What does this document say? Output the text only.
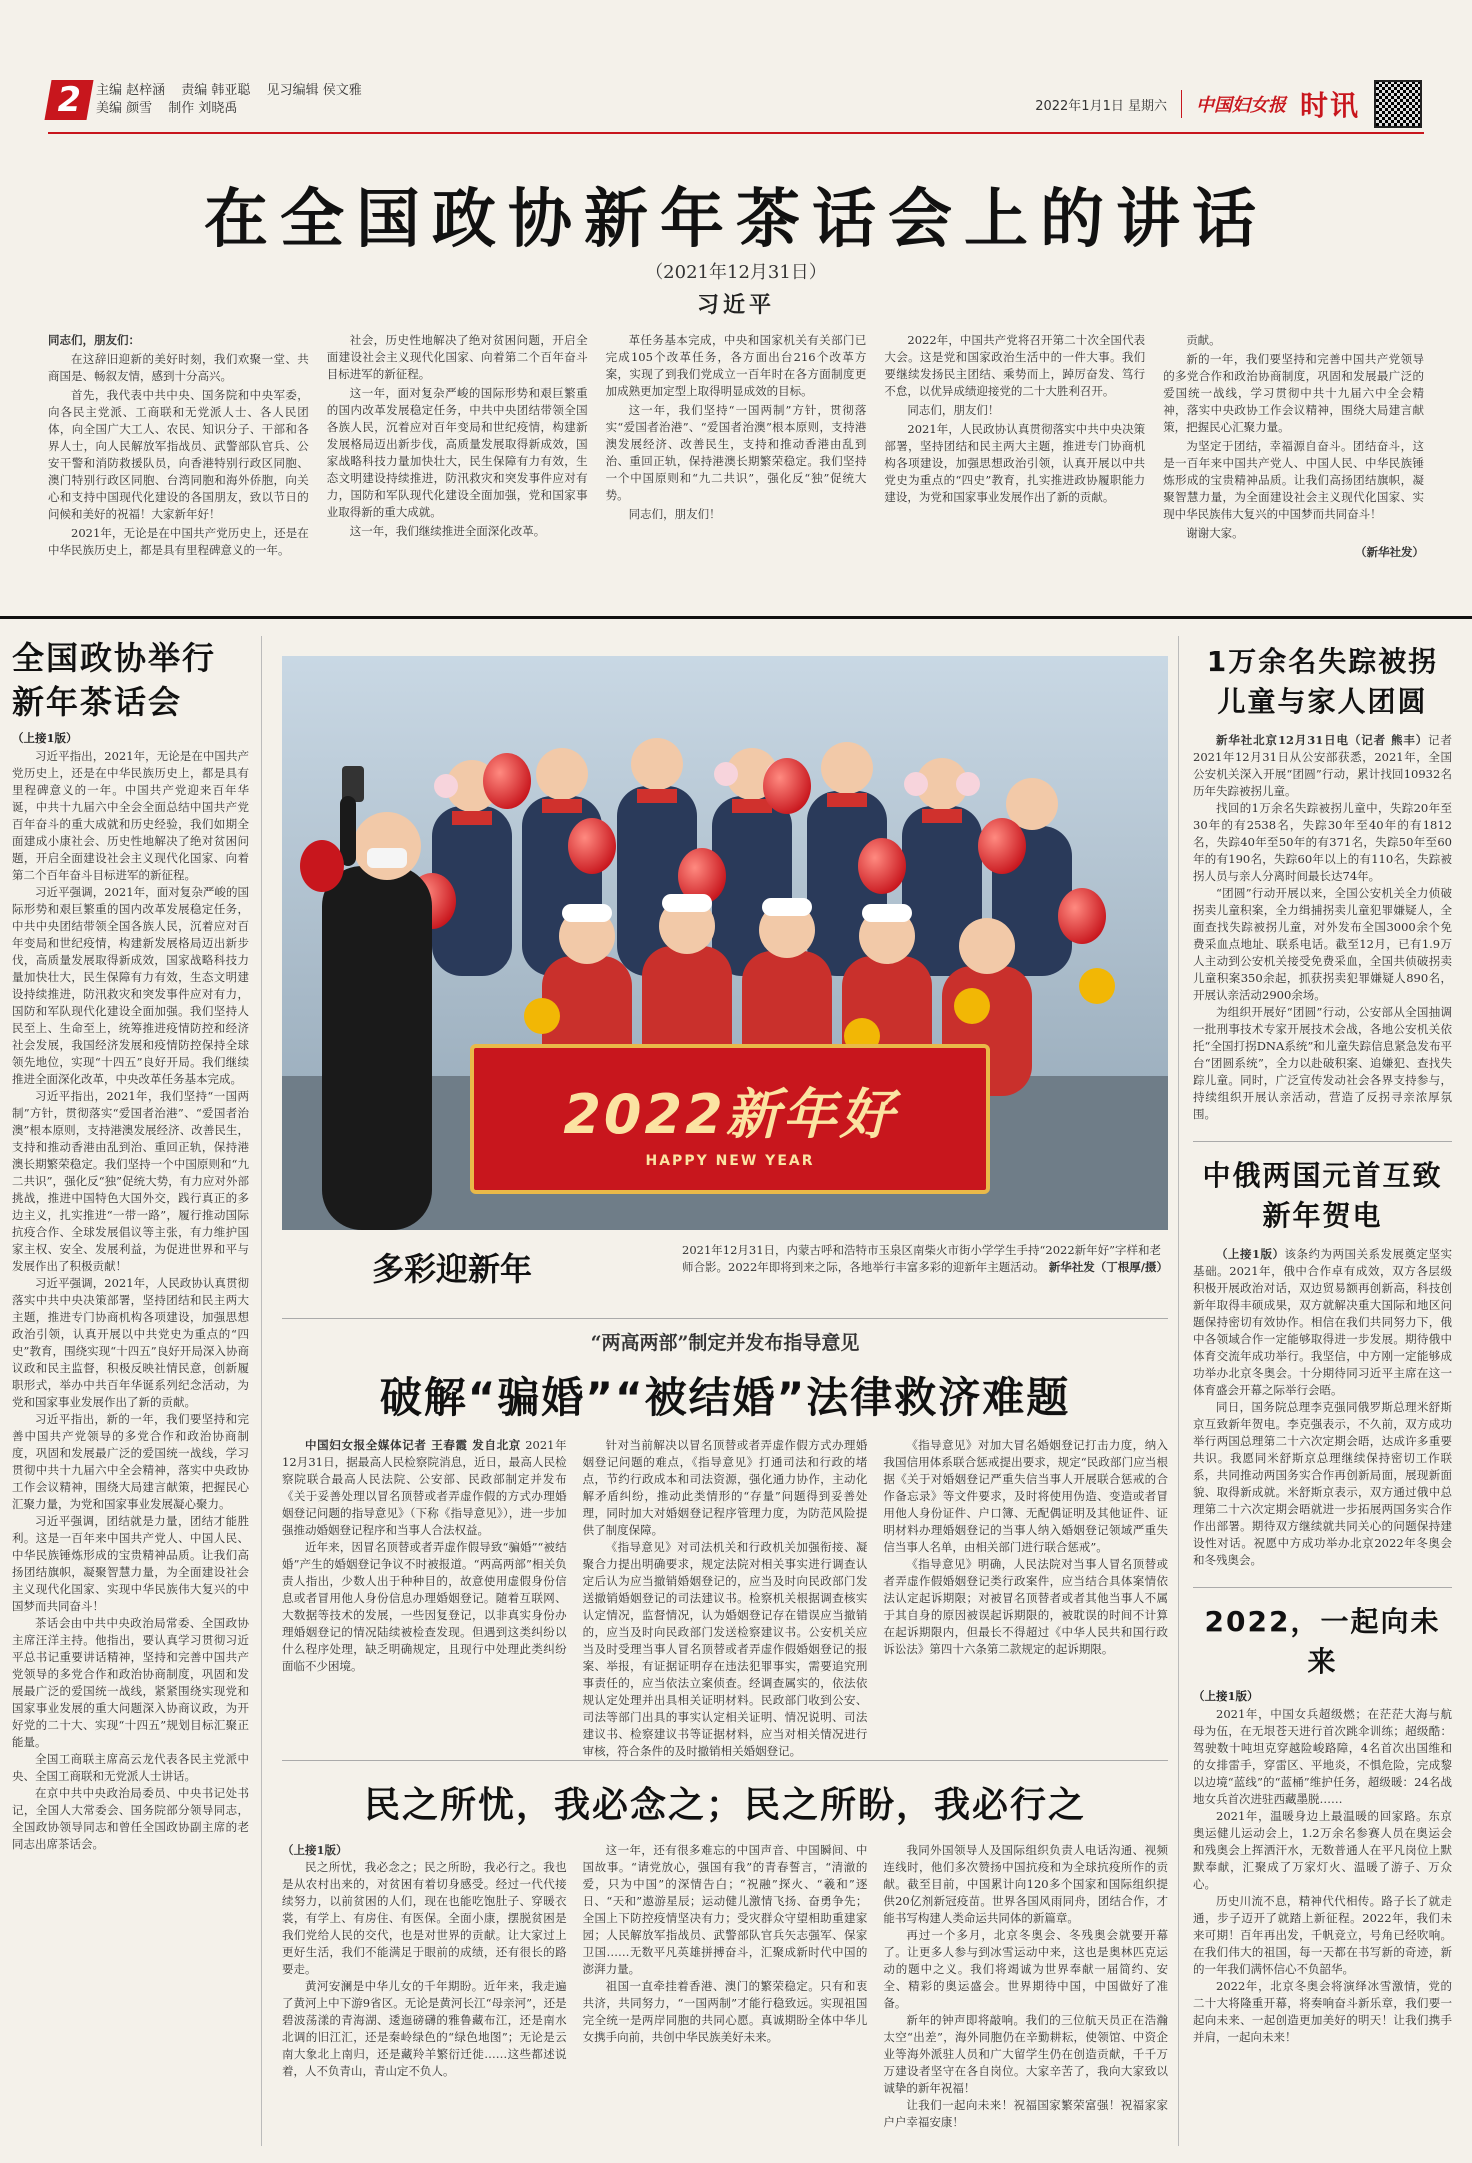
2 主编 赵梓涵 责编 韩亚聪 见习编辑 侯文雅
美编 颜雪 制作 刘晓禹	2022年1月1日 星期六 中国妇女报 时讯
在全国政协新年茶话会上的讲话
（2021年12月31日）
习近平

同志们，朋友们：

在这辞旧迎新的美好时刻，我们欢聚一堂、共商国是、畅叙友情，感到十分高兴。

首先，我代表中共中央、国务院和中央军委，向各民主党派、工商联和无党派人士、各人民团体，向全国广大工人、农民、知识分子、干部和各界人士，向人民解放军指战员、武警部队官兵、公安干警和消防救援队员，向香港特别行政区同胞、澳门特别行政区同胞、台湾同胞和海外侨胞，向关心和支持中国现代化建设的各国朋友，致以节日的问候和美好的祝福！大家新年好！

2021年，无论是在中国共产党历史上，还是在中华民族历史上，都是具有里程碑意义的一年。

社会，历史性地解决了绝对贫困问题，开启全面建设社会主义现代化国家、向着第二个百年奋斗目标进军的新征程。

这一年，面对复杂严峻的国际形势和艰巨繁重的国内改革发展稳定任务，中共中央团结带领全国各族人民，沉着应对百年变局和世纪疫情，构建新发展格局迈出新步伐，高质量发展取得新成效，国家战略科技力量加快壮大，民生保障有力有效，生态文明建设持续推进，防汛救灾和突发事件应对有力，国防和军队现代化建设全面加强，党和国家事业取得新的重大成就。

这一年，我们继续推进全面深化改革。

革任务基本完成，中央和国家机关有关部门已完成105个改革任务，各方面出台216个改革方案，实现了到我们党成立一百年时在各方面制度更加成熟更加定型上取得明显成效的目标。

这一年，我们坚持“一国两制”方针，贯彻落实“爱国者治港”、“爱国者治澳”根本原则，支持港澳发展经济、改善民生，支持和推动香港由乱到治、重回正轨，保持港澳长期繁荣稳定。我们坚持一个中国原则和“九二共识”，强化反“独”促统大势。

同志们，朋友们！

2022年，中国共产党将召开第二十次全国代表大会。这是党和国家政治生活中的一件大事。我们要继续发扬民主团结、乘势而上，踔厉奋发、笃行不怠，以优异成绩迎接党的二十大胜利召开。

同志们，朋友们！

2021年，人民政协认真贯彻落实中共中央决策部署，坚持团结和民主两大主题，推进专门协商机构各项建设，加强思想政治引领，认真开展以中共党史为重点的“四史”教育，扎实推进政协履职能力建设，为党和国家事业发展作出了新的贡献。

贡献。

新的一年，我们要坚持和完善中国共产党领导的多党合作和政治协商制度，巩固和发展最广泛的爱国统一战线，学习贯彻中共十九届六中全会精神，落实中央政协工作会议精神，围绕大局建言献策，把握民心汇聚力量。

为坚定于团结，幸福源自奋斗。团结奋斗，这是一百年来中国共产党人、中国人民、中华民族锤炼形成的宝贵精神品质。让我们高扬团结旗帜，凝聚智慧力量，为全面建设社会主义现代化国家、实现中华民族伟大复兴的中国梦而共同奋斗！

谢谢大家。

（新华社发）

全国政协举行新年茶话会
（上接1版）

习近平指出，2021年，无论是在中国共产党历史上，还是在中华民族历史上，都是具有里程碑意义的一年。中国共产党迎来百年华诞，中共十九届六中全会全面总结中国共产党百年奋斗的重大成就和历史经验，我们如期全面建成小康社会、历史性地解决了绝对贫困问题，开启全面建设社会主义现代化国家、向着第二个百年奋斗目标进军的新征程。

习近平强调，2021年，面对复杂严峻的国际形势和艰巨繁重的国内改革发展稳定任务，中共中央团结带领全国各族人民，沉着应对百年变局和世纪疫情，构建新发展格局迈出新步伐，高质量发展取得新成效，国家战略科技力量加快壮大，民生保障有力有效，生态文明建设持续推进，防汛救灾和突发事件应对有力，国防和军队现代化建设全面加强。我们坚持人民至上、生命至上，统筹推进疫情防控和经济社会发展，我国经济发展和疫情防控保持全球领先地位，实现“十四五”良好开局。我们继续推进全面深化改革，中央改革任务基本完成。

习近平指出，2021年，我们坚持“一国两制”方针，贯彻落实“爱国者治港”、“爱国者治澳”根本原则，支持港澳发展经济、改善民生，支持和推动香港由乱到治、重回正轨，保持港澳长期繁荣稳定。我们坚持一个中国原则和“九二共识”，强化反“独”促统大势，有力应对外部挑战，推进中国特色大国外交，践行真正的多边主义，扎实推进“一带一路”，履行推动国际抗疫合作、全球发展倡议等主张，有力维护国家主权、安全、发展利益，为促进世界和平与发展作出了积极贡献！

习近平强调，2021年，人民政协认真贯彻落实中共中央决策部署，坚持团结和民主两大主题，推进专门协商机构各项建设，加强思想政治引领，认真开展以中共党史为重点的“四史”教育，围绕实现“十四五”良好开局深入协商议政和民主监督，积极反映社情民意，创新履职形式，举办中共百年华诞系列纪念活动，为党和国家事业发展作出了新的贡献。

习近平指出，新的一年，我们要坚持和完善中国共产党领导的多党合作和政治协商制度，巩固和发展最广泛的爱国统一战线，学习贯彻中共十九届六中全会精神，落实中央政协工作会议精神，围绕大局建言献策，把握民心汇聚力量，为党和国家事业发展凝心聚力。

习近平强调，团结就是力量，团结才能胜利。这是一百年来中国共产党人、中国人民、中华民族锤炼形成的宝贵精神品质。让我们高扬团结旗帜，凝聚智慧力量，为全面建设社会主义现代化国家、实现中华民族伟大复兴的中国梦而共同奋斗！

茶话会由中共中央政治局常委、全国政协主席汪洋主持。他指出，要认真学习贯彻习近平总书记重要讲话精神，坚持和完善中国共产党领导的多党合作和政治协商制度，巩固和发展最广泛的爱国统一战线，紧紧围绕实现党和国家事业发展的重大问题深入协商议政，为开好党的二十大、实现“十四五”规划目标汇聚正能量。

全国工商联主席高云龙代表各民主党派中央、全国工商联和无党派人士讲话。

在京中共中央政治局委员、中央书记处书记，全国人大常委会、国务院部分领导同志，全国政协领导同志和曾任全国政协副主席的老同志出席茶话会。

2022新年好
HAPPY NEW YEAR
多彩迎新年	2021年12月31日，内蒙古呼和浩特市玉泉区南柴火市街小学学生手持“2022新年好”字样和老师合影。2022年即将到来之际，各地举行丰富多彩的迎新年主题活动。 新华社发（丁根厚/摄）
1万余名失踪被拐儿童与家人团圆

新华社北京12月31日电（记者 熊丰）记者2021年12月31日从公安部获悉，2021年，全国公安机关深入开展“团圆”行动，累计找回10932名历年失踪被拐儿童。

找回的1万余名失踪被拐儿童中，失踪20年至30年的有2538名，失踪30年至40年的有1812名，失踪40年至50年的有371名，失踪50年至60年的有190名，失踪60年以上的有110名，失踪被拐人员与亲人分离时间最长达74年。

“团圆”行动开展以来，全国公安机关全力侦破拐卖儿童积案，全力缉捕拐卖儿童犯罪嫌疑人，全面查找失踪被拐儿童，对外发布全国3000余个免费采血点地址、联系电话。截至12月，已有1.9万人主动到公安机关接受免费采血，全国共侦破拐卖儿童积案350余起，抓获拐卖犯罪嫌疑人890名，开展认亲活动2900余场。

为组织开展好“团圆”行动，公安部从全国抽调一批刑事技术专家开展技术会战，各地公安机关依托“全国打拐DNA系统”和儿童失踪信息紧急发布平台“团圆系统”，全力以赴破积案、追嫌犯、查找失踪儿童。同时，广泛宣传发动社会各界支持参与，持续组织开展认亲活动，营造了反拐寻亲浓厚氛围。

中俄两国元首互致新年贺电

（上接1版）该条约为两国关系发展奠定坚实基础。2021年，俄中合作卓有成效，双方各层级积极开展政治对话，双边贸易额再创新高，科技创新年取得丰硕成果，双方就解决重大国际和地区问题保持密切有效协作。相信在我们共同努力下，俄中各领域合作一定能够取得进一步发展。期待俄中体育交流年成功举行。我坚信，中方刚一定能够成功举办北京冬奥会。十分期待同习近平主席在这一体育盛会开幕之际举行会晤。

同日，国务院总理李克强同俄罗斯总理米舒斯京互致新年贺电。李克强表示，不久前，双方成功举行两国总理第二十六次定期会晤，达成许多重要共识。我愿同米舒斯京总理继续保持密切工作联系，共同推动两国务实合作再创新局面，展现新面貌、取得新成就。米舒斯京表示，双方通过俄中总理第二十六次定期会晤就进一步拓展两国务实合作作出部署。期待双方继续就共同关心的问题保持建设性对话。祝愿中方成功举办北京2022年冬奥会和冬残奥会。

2022，一起向未来
（上接1版）

2021年，中国女兵超级燃；在茫茫大海与航母为伍，在无垠苍天进行首次跳伞训练；超级酷：驾驶数十吨坦克穿越险峻路障，4名首次出国维和的女排雷手，穿雷区、平地炎，不惧危险，完成黎以边境“蓝线”的“蓝桶”维护任务，超级暖：24名战地女兵首次进驻西藏墨脱……

2021年，温暖身边上最温暖的回家路。东京奥运健儿运动会上，1.2万余名参赛人员在奥运会和残奥会上挥洒汗水，无数普通人在平凡岗位上默默奉献，汇聚成了万家灯火、温暖了游子、万众心。

历史川流不息，精神代代相传。路子长了就走通，步子迈开了就踏上新征程。2022年，我们未来可期！百年再出发，千帆竞立，号角已经吹响。在我们伟大的祖国，每一天都在书写新的奇迹，新的一年我们满怀信心不负韶华。

2022年，北京冬奥会将演绎冰雪激情，党的二十大将隆重开幕，将奏响奋斗新乐章，我们要一起向未来、一起创造更加美好的明天！让我们携手并肩，一起向未来！

“两高两部”制定并发布指导意见
破解“骗婚”“被结婚”法律救济难题

中国妇女报全媒体记者 王春霞 发自北京 2021年12月31日，据最高人民检察院消息，近日，最高人民检察院联合最高人民法院、公安部、民政部制定并发布《关于妥善处理以冒名顶替或者弄虚作假的方式办理婚姻登记问题的指导意见》（下称《指导意见》），进一步加强推动婚姻登记程序和当事人合法权益。

近年来，因冒名顶替或者弄虚作假导致“骗婚”“被结婚”产生的婚姻登记争议不时被报道。“两高两部”相关负责人指出，少数人出于种种目的，故意使用虚假身份信息或者冒用他人身份信息办理婚姻登记。随着互联网、大数据等技术的发展，一些因复登记，以非真实身份办理婚姻登记的情况陆续被检查发现。但遇到这类纠纷以什么程序处理，缺乏明确规定，且现行中处理此类纠纷面临不少困境。

针对当前解决以冒名顶替或者弄虚作假方式办理婚姻登记问题的难点，《指导意见》打通司法和行政的堵点，节约行政成本和司法资源，强化通力协作，主动化解矛盾纠纷，推动此类情形的“存量”问题得到妥善处理，同时加大对婚姻登记程序管理力度，为防范风险提供了制度保障。

《指导意见》对司法机关和行政机关加强衔接、凝聚合力提出明确要求，规定法院对相关事实进行调查认定后认为应当撤销婚姻登记的，应当及时向民政部门发送撤销婚姻登记的司法建议书。检察机关根据调查核实认定情况，监督情况，认为婚姻登记存在错误应当撤销的，应当及时向民政部门发送检察建议书。公安机关应当及时受理当事人冒名顶替或者弄虚作假婚姻登记的报案、举报，有证据证明存在违法犯罪事实，需要追究刑事责任的，应当依法立案侦查。经调查属实的，依法依规认定处理并出具相关证明材料。民政部门收到公安、司法等部门出具的事实认定相关证明、情况说明、司法建议书、检察建议书等证据材料，应当对相关情况进行审核，符合条件的及时撤销相关婚姻登记。

《指导意见》对加大冒名婚姻登记打击力度，纳入我国信用体系联合惩戒提出要求，规定“民政部门应当根据《关于对婚姻登记严重失信当事人开展联合惩戒的合作备忘录》等文件要求，及时将使用伪造、变造或者冒用他人身份证件、户口簿、无配偶证明及其他证件、证明材料办理婚姻登记的当事人纳入婚姻登记领域严重失信当事人名单，由相关部门进行联合惩戒”。

《指导意见》明确，人民法院对当事人冒名顶替或者弄虚作假婚姻登记类行政案件，应当结合具体案情依法认定起诉期限；对被冒名顶替者或者其他当事人不属于其自身的原因被误起诉期限的，被耽误的时间不计算在起诉期限内，但最长不得超过《中华人民共和国行政诉讼法》第四十六条第二款规定的起诉期限。

民之所忧，我必念之；民之所盼，我必行之

（上接1版）

民之所忧，我必念之；民之所盼，我必行之。我也是从农村出来的，对贫困有着切身感受。经过一代代接续努力，以前贫困的人们，现在也能吃饱肚子、穿暖衣裳，有学上、有房住、有医保。全面小康，摆脱贫困是我们党给人民的交代，也是对世界的贡献。让大家过上更好生活，我们不能满足于眼前的成绩，还有很长的路要走。

黄河安澜是中华儿女的千年期盼。近年来，我走遍了黄河上中下游9省区。无论是黄河长江“母亲河”，还是碧波荡漾的青海湖、逶迤磅礴的雅鲁藏布江，还是南水北调的旧江汇，还是秦岭绿色的“绿色地图”；无论是云南大象北上南归，还是藏羚羊繁衍迁徙……这些都述说着，人不负青山，青山定不负人。

这一年，还有很多难忘的中国声音、中国瞬间、中国故事。“请党放心，强国有我”的青春誓言，“清澈的爱，只为中国”的深情告白；“祝融”探火、“羲和”逐日、“天和”遨游星辰；运动健儿激情飞扬、奋勇争先；全国上下防控疫情坚决有力；受灾群众守望相助重建家园；人民解放军指战员、武警部队官兵矢志强军、保家卫国……无数平凡英雄拼搏奋斗，汇聚成新时代中国的澎湃力量。

祖国一直牵挂着香港、澳门的繁荣稳定。只有和衷共济，共同努力，“一国两制”才能行稳致远。实现祖国完全统一是两岸同胞的共同心愿。真诚期盼全体中华儿女携手向前，共创中华民族美好未来。

我同外国领导人及国际组织负责人电话沟通、视频连线时，他们多次赞扬中国抗疫和为全球抗疫所作的贡献。截至目前，中国累计向120多个国家和国际组织提供20亿剂新冠疫苗。世界各国风雨同舟，团结合作，才能书写构建人类命运共同体的新篇章。

再过一个多月，北京冬奥会、冬残奥会就要开幕了。让更多人参与到冰雪运动中来，这也是奥林匹克运动的题中之义。我们将竭诚为世界奉献一届简约、安全、精彩的奥运盛会。世界期待中国，中国做好了准备。

新年的钟声即将敲响。我们的三位航天员正在浩瀚太空“出差”，海外同胞仍在辛勤耕耘，使领馆、中资企业等海外派驻人员和广大留学生仍在创造贡献，千千万万建设者坚守在各自岗位。大家辛苦了，我向大家致以诚挚的新年祝福！

让我们一起向未来！祝福国家繁荣富强！祝福家家户户幸福安康！
